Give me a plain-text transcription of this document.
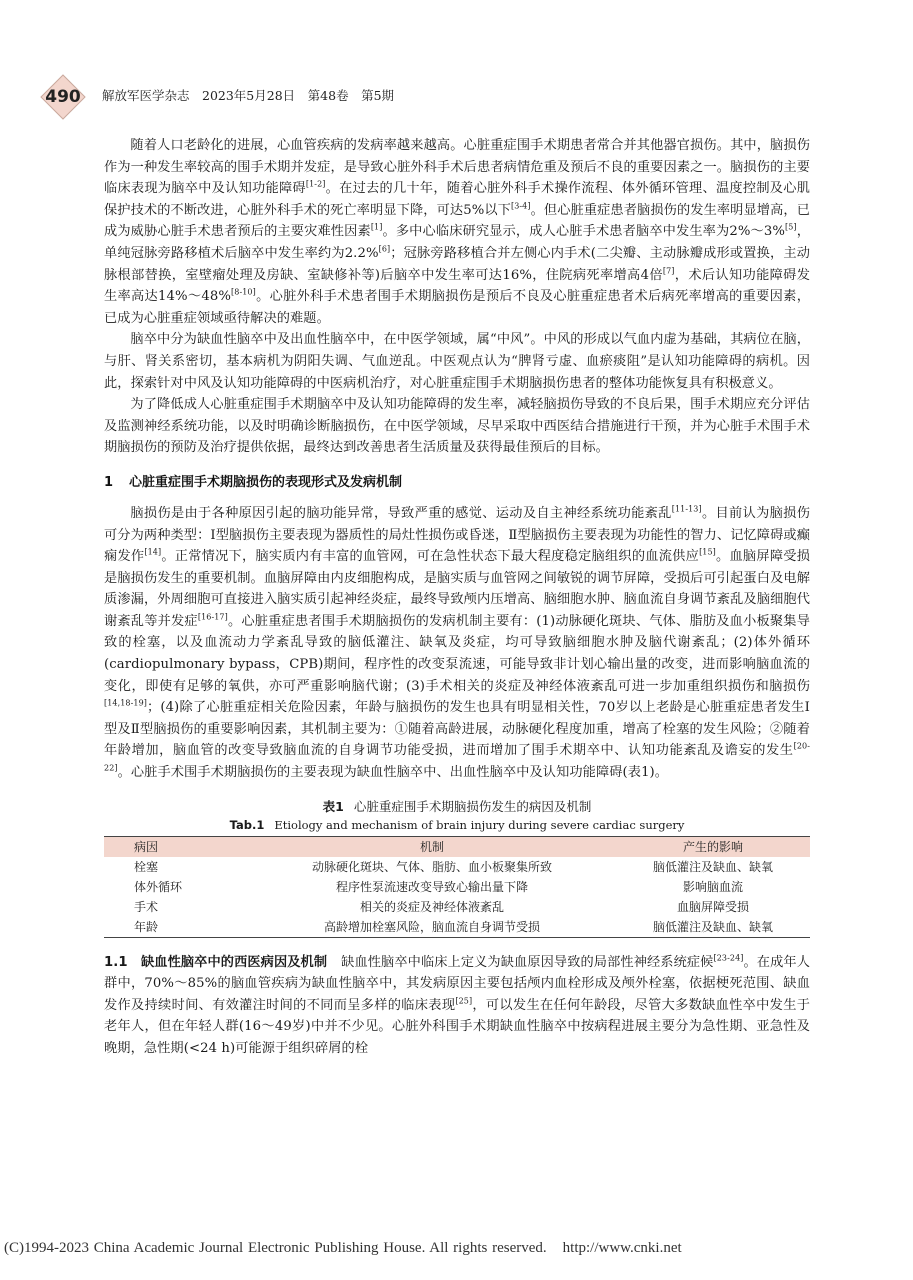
490	解放军医学杂志　2023年5月28日　第48卷　第5期

随着人口老龄化的进展，心血管疾病的发病率越来越高。心脏重症围手术期患者常合并其他器官损伤。其中，脑损伤作为一种发生率较高的围手术期并发症，是导致心脏外科手术后患者病情危重及预后不良的重要因素之一。脑损伤的主要临床表现为脑卒中及认知功能障碍[1-2]。在过去的几十年，随着心脏外科手术操作流程、体外循环管理、温度控制及心肌保护技术的不断改进，心脏外科手术的死亡率明显下降，可达5%以下[3-4]。但心脏重症患者脑损伤的发生率明显增高，已成为威胁心脏手术患者预后的主要灾难性因素[1]。多中心临床研究显示，成人心脏手术患者脑卒中发生率为2%～3%[5]，单纯冠脉旁路移植术后脑卒中发生率约为2.2%[6]；冠脉旁路移植合并左侧心内手术(二尖瓣、主动脉瓣成形或置换，主动脉根部替换，室壁瘤处理及房缺、室缺修补等)后脑卒中发生率可达16%，住院病死率增高4倍[7]，术后认知功能障碍发生率高达14%～48%[8-10]。心脏外科手术患者围手术期脑损伤是预后不良及心脏重症患者术后病死率增高的重要因素，已成为心脏重症领域亟待解决的难题。

脑卒中分为缺血性脑卒中及出血性脑卒中，在中医学领域，属“中风”。中风的形成以气血内虚为基础，其病位在脑，与肝、肾关系密切，基本病机为阴阳失调、气血逆乱。中医观点认为“脾肾亏虚、血瘀痰阻”是认知功能障碍的病机。因此，探索针对中风及认知功能障碍的中医病机治疗，对心脏重症围手术期脑损伤患者的整体功能恢复具有积极意义。

为了降低成人心脏重症围手术期脑卒中及认知功能障碍的发生率，减轻脑损伤导致的不良后果，围手术期应充分评估及监测神经系统功能，以及时明确诊断脑损伤，在中医学领域，尽早采取中西医结合措施进行干预，并为心脏手术围手术期脑损伤的预防及治疗提供依据，最终达到改善患者生活质量及获得最佳预后的目标。

1 心脏重症围手术期脑损伤的表现形式及发病机制

脑损伤是由于各种原因引起的脑功能异常，导致严重的感觉、运动及自主神经系统功能紊乱[11-13]。目前认为脑损伤可分为两种类型：Ⅰ型脑损伤主要表现为器质性的局灶性损伤或昏迷，Ⅱ型脑损伤主要表现为功能性的智力、记忆障碍或癫痫发作[14]。正常情况下，脑实质内有丰富的血管网，可在急性状态下最大程度稳定脑组织的血流供应[15]。血脑屏障受损是脑损伤发生的重要机制。血脑屏障由内皮细胞构成，是脑实质与血管网之间敏锐的调节屏障，受损后可引起蛋白及电解质渗漏，外周细胞可直接进入脑实质引起神经炎症，最终导致颅内压增高、脑细胞水肿、脑血流自身调节紊乱及脑细胞代谢紊乱等并发症[16-17]。心脏重症患者围手术期脑损伤的发病机制主要有：(1)动脉硬化斑块、气体、脂肪及血小板聚集导致的栓塞，以及血流动力学紊乱导致的脑低灌注、缺氧及炎症，均可导致脑细胞水肿及脑代谢紊乱；(2)体外循环(cardiopulmonary bypass，CPB)期间，程序性的改变泵流速，可能导致非计划心输出量的改变，进而影响脑血流的变化，即使有足够的氧供，亦可严重影响脑代谢；(3)手术相关的炎症及神经体液紊乱可进一步加重组织损伤和脑损伤[14,18-19]；(4)除了心脏重症相关危险因素，年龄与脑损伤的发生也具有明显相关性，70岁以上老龄是心脏重症患者发生Ⅰ型及Ⅱ型脑损伤的重要影响因素，其机制主要为：①随着高龄进展，动脉硬化程度加重，增高了栓塞的发生风险；②随着年龄增加，脑血管的改变导致脑血流的自身调节功能受损，进而增加了围手术期卒中、认知功能紊乱及谵妄的发生[20-22]。心脏手术围手术期脑损伤的主要表现为缺血性脑卒中、出血性脑卒中及认知功能障碍(表1)。

表1 心脏重症围手术期脑损伤发生的病因及机制
Tab.1 Etiology and mechanism of brain injury during severe cardiac surgery
病因	机制	产生的影响
栓塞	动脉硬化斑块、气体、脂肪、血小板聚集所致	脑低灌注及缺血、缺氧
体外循环	程序性泵流速改变导致心输出量下降	影响脑血流
手术	相关的炎症及神经体液紊乱	血脑屏障受损
年龄	高龄增加栓塞风险，脑血流自身调节受损	脑低灌注及缺血、缺氧

1.1　 缺血性脑卒中的西医病因及机制 缺血性脑卒中临床上定义为缺血原因导致的局部性神经系统症候[23-24]。在成年人群中，70%～85%的脑血管疾病为缺血性脑卒中，其发病原因主要包括颅内血栓形成及颅外栓塞，依据梗死范围、缺血发作及持续时间、有效灌注时间的不同而呈多样的临床表现[25]，可以发生在任何年龄段，尽管大多数缺血性卒中发生于老年人，但在年轻人群(16～49岁)中并不少见。心脏外科围手术期缺血性脑卒中按病程进展主要分为急性期、亚急性及晚期，急性期(<24 h)可能源于组织碎屑的栓

(C)1994-2023 China Academic Journal Electronic Publishing House. All rights reserved. http://www.cnki.net
